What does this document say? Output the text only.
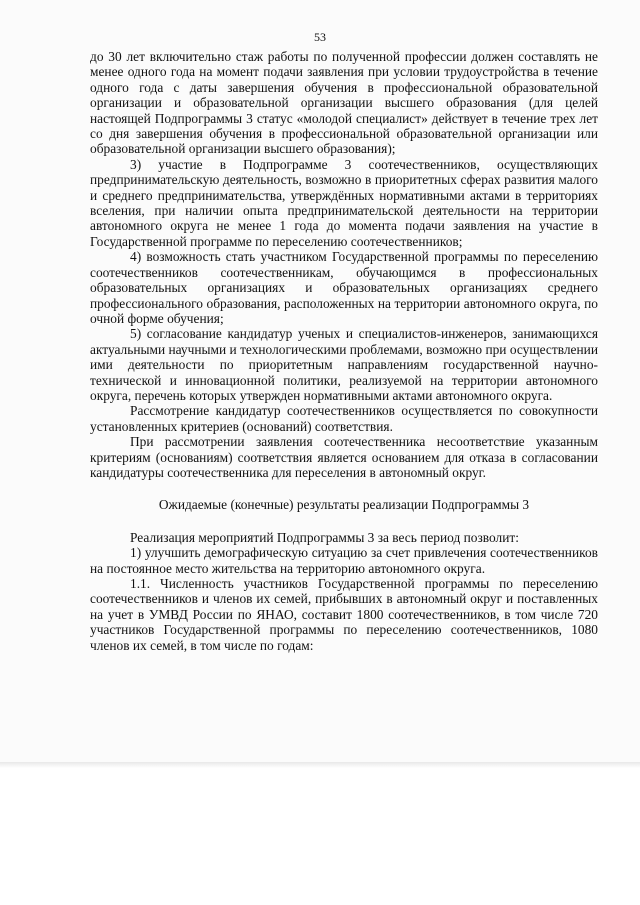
53

до 30 лет включительно стаж работы по полученной профессии должен составлять не менее одного года на момент подачи заявления при условии трудоустройства в течение одного года с даты завершения обучения в профессиональной образовательной организации и образовательной организации высшего образования (для целей настоящей Подпрограммы 3 статус «молодой специалист» действует в течение трех лет со дня завершения обучения в профессиональной образовательной организации или образовательной организации высшего образования);

3) участие в Подпрограмме 3 соотечественников, осуществляющих предпринимательскую деятельность, возможно в приоритетных сферах развития малого и среднего предпринимательства, утверждённых нормативными актами в территориях вселения, при наличии опыта предпринимательской деятельности на территории автономного округа не менее 1 года до момента подачи заявления на участие в Государственной программе по переселению соотечественников;

4) возможность стать участником Государственной программы по переселению соотечественников соотечественникам, обучающимся в профессиональных образовательных организациях и образовательных организациях среднего профессионального образования, расположенных на территории автономного округа, по очной форме обучения;

5) согласование кандидатур ученых и специалистов-инженеров, занимающихся актуальными научными и технологическими проблемами, возможно при осуществлении ими деятельности по приоритетным направлениям государственной научно-технической и инновационной политики, реализуемой на территории автономного округа, перечень которых утвержден нормативными актами автономного округа.

Рассмотрение кандидатур соотечественников осуществляется по совокупности установленных критериев (оснований) соответствия.

При рассмотрении заявления соотечественника несоответствие указанным критериям (основаниям) соответствия является основанием для отказа в согласовании кандидатуры соотечественника для переселения в автономный округ.

Ожидаемые (конечные) результаты реализации Подпрограммы 3

Реализация мероприятий Подпрограммы 3 за весь период позволит:

1) улучшить демографическую ситуацию за счет привлечения соотечественников на постоянное место жительства на территорию автономного округа.

1.1. Численность участников Государственной программы по переселению соотечественников и членов их семей, прибывших в автономный округ и поставленных на учет в УМВД России по ЯНАО, составит 1800 соотечественников, в том числе 720 участников Государственной программы по переселению соотечественников, 1080 членов их семей, в том числе по годам:
